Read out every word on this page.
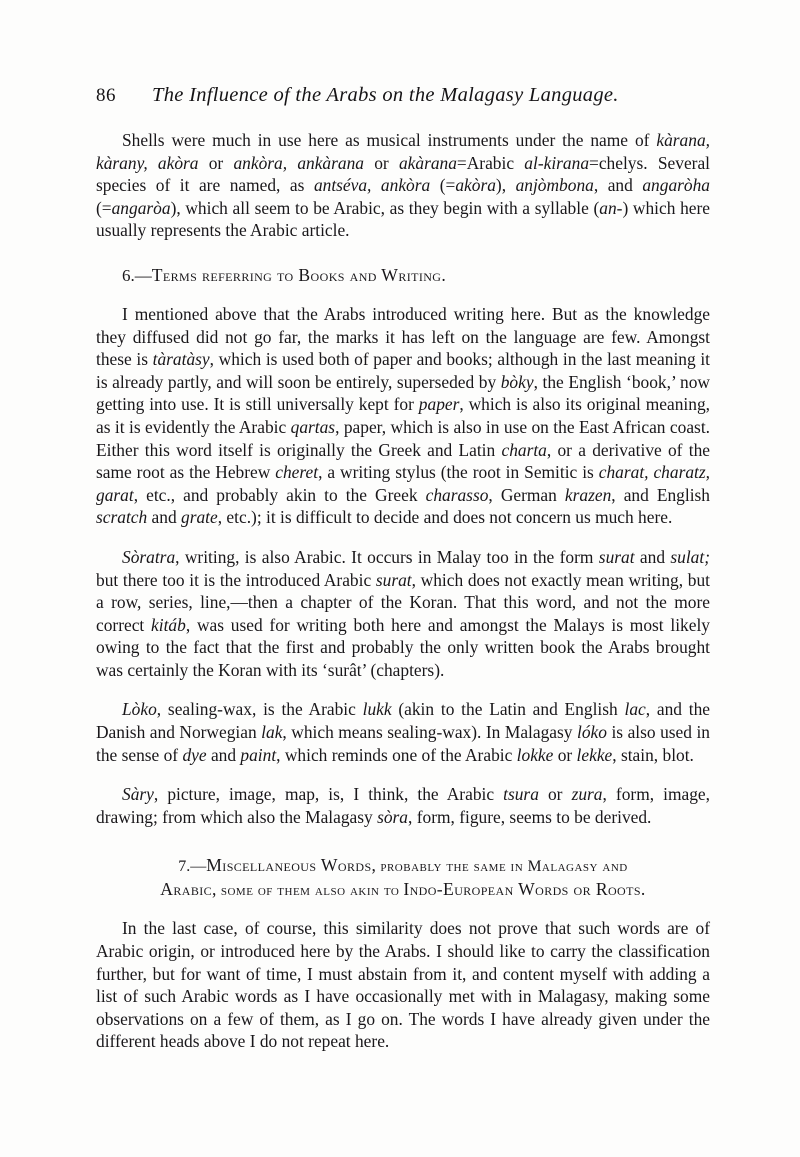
86	The Influence of the Arabs on the Malagasy Language.

Shells were much in use here as musical instruments under the name of kàrana, kàrany, akòra or ankòra, ankàrana or akàrana=Arabic al-kirana=chelys. Several species of it are named, as antséva, ankòra (=akòra), anjòmbona, and angaròha (=angaròa), which all seem to be Arabic, as they begin with a syllable (an-) which here usually represents the Arabic article.

6.—Terms referring to Books and Writing.

I mentioned above that the Arabs introduced writing here. But as the knowledge they diffused did not go far, the marks it has left on the language are few. Amongst these is tàratàsy, which is used both of paper and books; although in the last meaning it is already partly, and will soon be entirely, superseded by bòky, the English ‘book,’ now getting into use. It is still universally kept for paper, which is also its original meaning, as it is evidently the Arabic qartas, paper, which is also in use on the East African coast. Either this word itself is originally the Greek and Latin charta, or a derivative of the same root as the Hebrew cheret, a writing stylus (the root in Semitic is charat, charatz, garat, etc., and probably akin to the Greek charasso, German krazen, and English scratch and grate, etc.); it is difficult to decide and does not concern us much here.

Sòratra, writing, is also Arabic. It occurs in Malay too in the form surat and sulat; but there too it is the introduced Arabic surat, which does not exactly mean writing, but a row, series, line,—then a chapter of the Koran. That this word, and not the more correct kitáb, was used for writing both here and amongst the Malays is most likely owing to the fact that the first and probably the only written book the Arabs brought was certainly the Koran with its ‘surât’ (chapters).

Lòko, sealing-wax, is the Arabic lukk (akin to the Latin and English lac, and the Danish and Norwegian lak, which means sealing-wax). In Malagasy lóko is also used in the sense of dye and paint, which reminds one of the Arabic lokke or lekke, stain, blot.

Sàry, picture, image, map, is, I think, the Arabic tsura or zura, form, image, drawing; from which also the Malagasy sòra, form, figure, seems to be derived.

7.—Miscellaneous Words, probably the same in Malagasy and
Arabic, some of them also akin to Indo-European Words or Roots.

In the last case, of course, this similarity does not prove that such words are of Arabic origin, or introduced here by the Arabs. I should like to carry the classification further, but for want of time, I must abstain from it, and content myself with adding a list of such Arabic words as I have occasionally met with in Malagasy, making some observations on a few of them, as I go on. The words I have already given under the different heads above I do not repeat here.
